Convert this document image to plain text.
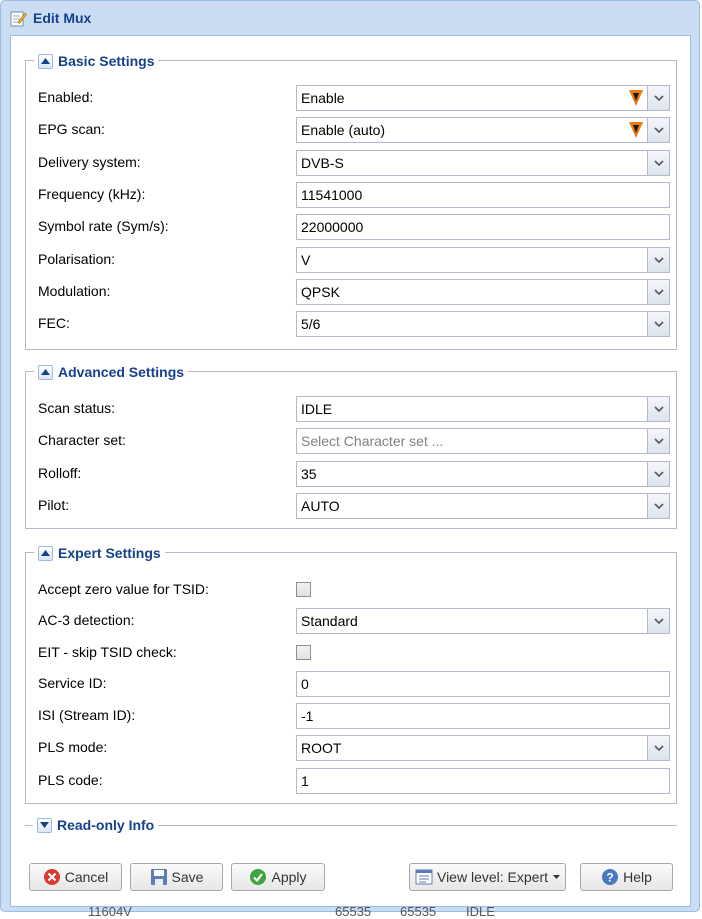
Edit Mux
Basic Settings
Enabled:	Enable
EPG scan:	Enable (auto)
Delivery system:	DVB-S
Frequency (kHz):	11541000
Symbol rate (Sym/s):	22000000
Polarisation:	V
Modulation:	QPSK
FEC:	5/6
Advanced Settings
Scan status:	IDLE
Character set:	Select Character set ...
Rolloff:	35
Pilot:	AUTO
Expert Settings
Accept zero value for TSID:
AC-3 detection:	Standard
EIT - skip TSID check:
Service ID:	0
ISI (Stream ID):	-1
PLS mode:	ROOT
PLS code:	1
Read-only Info
Cancel	Save	Apply	View level: Expert	? Help
11604V	65535 65535 IDLE
